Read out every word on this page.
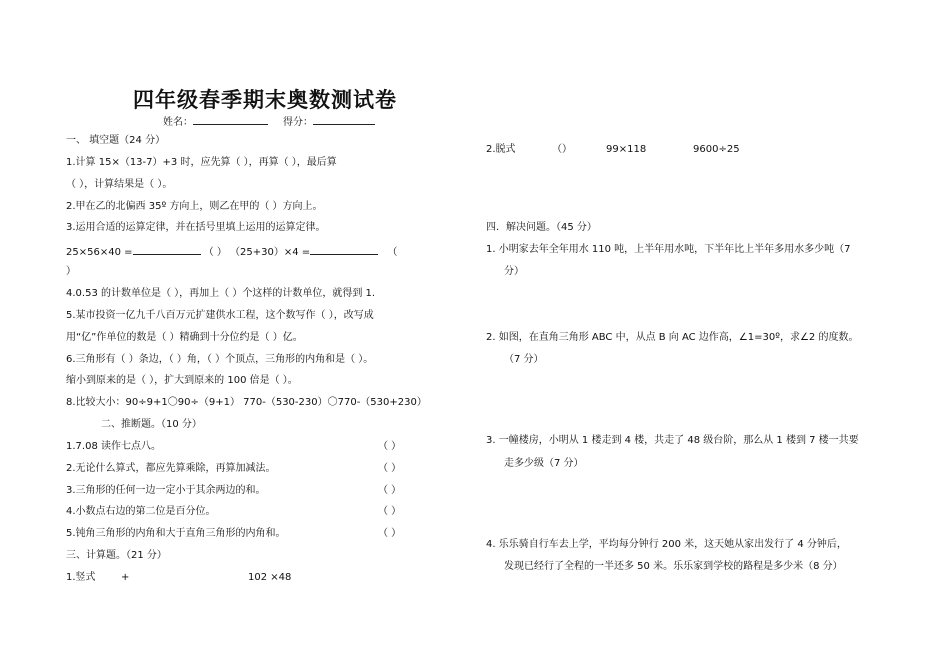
四年级春季期末奥数测试卷
姓名：	得分：
一、 填空题（24 分）
1.计算 15×（13-7）+3 时，应先算（ ），再算（ ），最后算
（ ），计算结果是（ ）。
2.甲在乙的北偏西 35º 方向上，则乙在甲的（ ）方向上。
3.运用合适的运算定律，并在括号里填上运用的运算定律。
25×56×40 =	（ ） （25+30）×4 =	（
）
4.0.53 的计数单位是（ ），再加上（ ）个这样的计数单位，就得到 1.
5.某市投资一亿九千八百万元扩建供水工程，这个数写作（ ），改写成
用“亿”作单位的数是（ ）精确到十分位约是（ ）亿。
6.三角形有（ ）条边，（ ）角，（ ）个顶点，三角形的内角和是（ ）。
缩小到原来的是（ ），扩大到原来的 100 倍是（ ）。
8.比较大小：90÷9+1〇90÷（9+1） 770-（530-230）〇770-（530+230）
二、推断题。（10 分）
1.7.08 读作七点八。	（ ）
2.无论什么算式，都应先算乘除，再算加减法。	（ ）
3.三角形的任何一边一定小于其余两边的和。	（ ）
4.小数点右边的第二位是百分位。	（ ）
5.钝角三角形的内角和大于直角三角形的内角和。	（ ）
三、计算题。（21 分）
1.竖式	+	102 ×48
2.脱式	（）	99×118	9600÷25
四．解决问题。（45 分）
1. 小明家去年全年用水 110 吨，上半年用水吨，下半年比上半年多用水多少吨（7
分）
2. 如图，在直角三角形 ABC 中，从点 B 向 AC 边作高，∠1=30º，求∠2 的度数。
（7 分）
3. 一幢楼房，小明从 1 楼走到 4 楼，共走了 48 级台阶，那么从 1 楼到 7 楼一共要
走多少级（7 分）
4. 乐乐骑自行车去上学，平均每分钟行 200 米，这天她从家出发行了 4 分钟后，
发现已经行了全程的一半还多 50 米。乐乐家到学校的路程是多少米（8 分）
